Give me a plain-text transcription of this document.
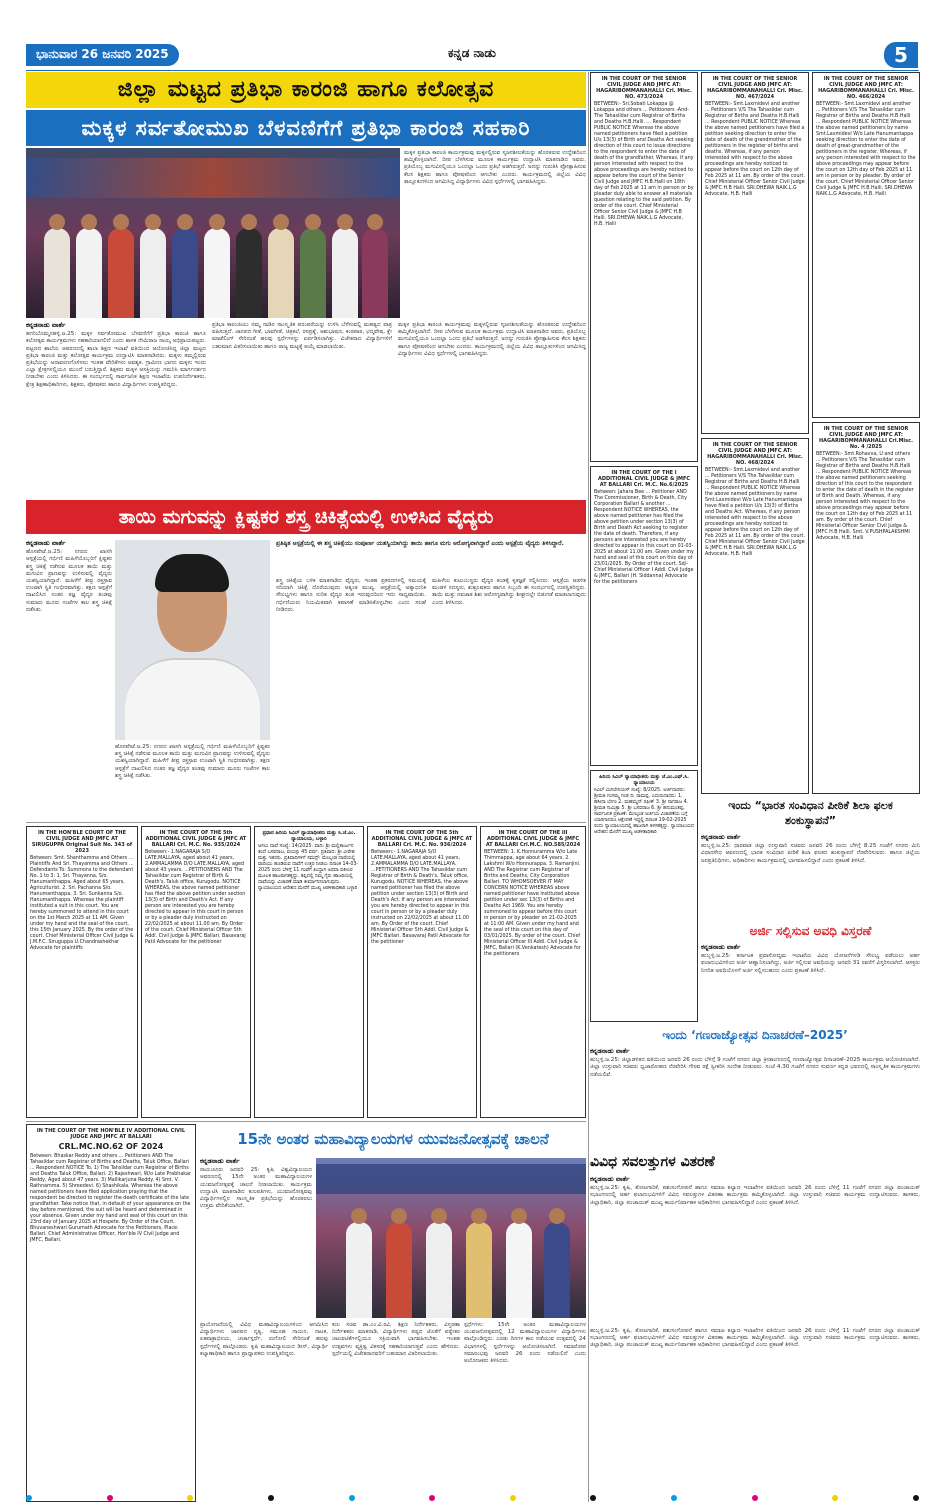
ಭಾನುವಾರ 26 ಜನವರಿ 2025	ಕನ್ನಡ ನಾಡು	5
ಜಿಲ್ಲಾ ಮಟ್ಟದ ಪ್ರತಿಭಾ ಕಾರಂಜಿ ಹಾಗೂ ಕಲೋತ್ಸವ
ಮಕ್ಕಳ ಸರ್ವತೋಮುಖ ಬೆಳವಣಿಗೆಗೆ ಪ್ರತಿಭಾ ಕಾರಂಜಿ ಸಹಕಾರಿ
ಮಕ್ಕಳ ಪ್ರತಿಭಾ ಕಾರಂಜಿ ಕಾರ್ಯಕ್ರಮವು ಮಕ್ಕಳಲ್ಲಿರುವ ಸೃಜನಶೀಲತೆಯನ್ನು ಹೊರತರುವ ಉದ್ದೇಶದಿಂದ ಹಮ್ಮಿಕೊಳ್ಳಲಾಗಿದೆ. ದೀಪ ಬೆಳಗಿಸುವ ಮೂಲಕ ಕಾರ್ಯಕ್ರಮ ಉದ್ಘಾಟಿಸಿ ಮಾತನಾಡಿದ ಅವರು, ಪ್ರತಿಯೊಬ್ಬ ಮಗುವಿನಲ್ಲಿಯೂ ಒಂದಲ್ಲಾ ಒಂದು ಪ್ರತಿಭೆ ಅಡಗಿರುತ್ತದೆ. ಅದನ್ನು ಗುರುತಿಸಿ ಪ್ರೋತ್ಸಾಹಿಸುವ ಕೆಲಸ ಶಿಕ್ಷಕರು ಹಾಗೂ ಪೋಷಕರಿಂದ ಆಗಬೇಕು ಎಂದರು. ಕಾರ್ಯಕ್ರಮದಲ್ಲಿ ಜಿಲ್ಲೆಯ ವಿವಿಧ ತಾಲ್ಲೂಕುಗಳಿಂದ ಆಗಮಿಸಿದ್ದ ವಿದ್ಯಾರ್ಥಿಗಳು ವಿವಿಧ ಸ್ಪರ್ಧೆಗಳಲ್ಲಿ ಭಾಗವಹಿಸಿದ್ದರು.
ಕನ್ನಡನಾಡು ವಾರ್ತೆ
ಹಗರಿಬೊಮ್ಮನಹಳ್ಳಿ.ಜ.25: ಮಕ್ಕಳ ಸರ್ವತೋಮುಖ ಬೆಳವಣಿಗೆಗೆ ಪ್ರತಿಭಾ ಕಾರಂಜಿ ಹಾಗೂ ಕಲೋತ್ಸವ ಕಾರ್ಯಕ್ರಮಗಳು ಸಹಕಾರಿಯಾಗಲಿದೆ ಎಂದು ಶಾಸಕ ನೇಮಿರಾಜ ನಾಯ್ಕ ಅಭಿಪ್ರಾಯಪಟ್ಟರು. ಪಟ್ಟಣದ ಶಾಲೆಯ ಆವರಣದಲ್ಲಿ ಶಾಲಾ ಶಿಕ್ಷಣ ಇಲಾಖೆ ವತಿಯಿಂದ ಆಯೋಜಿಸಿದ್ದ ಜಿಲ್ಲಾ ಮಟ್ಟದ ಪ್ರತಿಭಾ ಕಾರಂಜಿ ಮತ್ತು ಕಲೋತ್ಸವ ಕಾರ್ಯಕ್ರಮ ಉದ್ಘಾಟಿಸಿ ಮಾತನಾಡಿದರು. ಮಕ್ಕಳು ತಮ್ಮಲ್ಲಿರುವ ಪ್ರತಿಭೆಯನ್ನು ಅನಾವರಣಗೊಳಿಸಲು ಇಂತಹ ವೇದಿಕೆಗಳು ಅವಶ್ಯಕ. ಗ್ರಾಮೀಣ ಭಾಗದ ಮಕ್ಕಳು ಇಂದು ಎಲ್ಲಾ ಕ್ಷೇತ್ರಗಳಲ್ಲಿಯೂ ಮುಂದೆ ಬರುತ್ತಿದ್ದಾರೆ. ಶಿಕ್ಷಕರು ಮಕ್ಕಳ ಆಸಕ್ತಿಯನ್ನು ಗಮನಿಸಿ ಮಾರ್ಗದರ್ಶನ ನೀಡಬೇಕು ಎಂದು ತಿಳಿಸಿದರು. ಈ ಸಂದರ್ಭದಲ್ಲಿ ಸಾರ್ವಜನಿಕ ಶಿಕ್ಷಣ ಇಲಾಖೆಯ ಉಪನಿರ್ದೇಶಕರು, ಕ್ಷೇತ್ರ ಶಿಕ್ಷಣಾಧಿಕಾರಿಗಳು, ಶಿಕ್ಷಕರು, ಪೋಷಕರು ಹಾಗೂ ವಿದ್ಯಾರ್ಥಿಗಳು ಉಪಸ್ಥಿತರಿದ್ದರು.
ಪ್ರತಿಭಾ ಕಾರಂಜಿಯು ನಮ್ಮ ನಾಡಿನ ಸಾಂಸ್ಕೃತಿಕ ಪರಂಪರೆಯನ್ನು ಉಳಿಸಿ ಬೆಳೆಸುವಲ್ಲಿ ಮಹತ್ವದ ಪಾತ್ರ ವಹಿಸುತ್ತದೆ. ಜಾನಪದ ಗೀತೆ, ಭಾವಗೀತೆ, ಚಿತ್ರಕಲೆ, ರಸಪ್ರಶ್ನೆ, ಆಶುಭಾಷಣ, ಕಂಠಪಾಠ, ಛದ್ಮವೇಷ, ಕ್ಲೇ ಮಾಡೆಲಿಂಗ್ ಸೇರಿದಂತೆ ಹಲವು ಸ್ಪರ್ಧೆಗಳನ್ನು ಏರ್ಪಡಿಸಲಾಗಿತ್ತು. ವಿಜೇತರಾದ ವಿದ್ಯಾರ್ಥಿಗಳಿಗೆ ಬಹುಮಾನ ವಿತರಿಸಲಾಯಿತು ಹಾಗೂ ರಾಜ್ಯ ಮಟ್ಟಕ್ಕೆ ಆಯ್ಕೆ ಮಾಡಲಾಯಿತು.
ಮಕ್ಕಳ ಪ್ರತಿಭಾ ಕಾರಂಜಿ ಕಾರ್ಯಕ್ರಮವು ಮಕ್ಕಳಲ್ಲಿರುವ ಸೃಜನಶೀಲತೆಯನ್ನು ಹೊರತರುವ ಉದ್ದೇಶದಿಂದ ಹಮ್ಮಿಕೊಳ್ಳಲಾಗಿದೆ. ದೀಪ ಬೆಳಗಿಸುವ ಮೂಲಕ ಕಾರ್ಯಕ್ರಮ ಉದ್ಘಾಟಿಸಿ ಮಾತನಾಡಿದ ಅವರು, ಪ್ರತಿಯೊಬ್ಬ ಮಗುವಿನಲ್ಲಿಯೂ ಒಂದಲ್ಲಾ ಒಂದು ಪ್ರತಿಭೆ ಅಡಗಿರುತ್ತದೆ. ಅದನ್ನು ಗುರುತಿಸಿ ಪ್ರೋತ್ಸಾಹಿಸುವ ಕೆಲಸ ಶಿಕ್ಷಕರು ಹಾಗೂ ಪೋಷಕರಿಂದ ಆಗಬೇಕು ಎಂದರು. ಕಾರ್ಯಕ್ರಮದಲ್ಲಿ ಜಿಲ್ಲೆಯ ವಿವಿಧ ತಾಲ್ಲೂಕುಗಳಿಂದ ಆಗಮಿಸಿದ್ದ ವಿದ್ಯಾರ್ಥಿಗಳು ವಿವಿಧ ಸ್ಪರ್ಧೆಗಳಲ್ಲಿ ಭಾಗವಹಿಸಿದ್ದರು.
ತಾಯಿ ಮಗುವನ್ನು ಕ್ಲಿಷ್ಟಕರ ಶಸ್ತ್ರ ಚಿಕಿತ್ಸೆಯಲ್ಲಿ ಉಳಿಸಿದ ವೈದ್ಯರು
ಕನ್ನಡನಾಡು ವಾರ್ತೆ
ಹೊಸಪೇಟೆ.ಜ.25: ನಗರದ ಖಾಸಗಿ ಆಸ್ಪತ್ರೆಯಲ್ಲಿ ಗರ್ಭಿಣಿ ಮಹಿಳೆಯೊಬ್ಬರಿಗೆ ಕ್ಲಿಷ್ಟಕರ ಶಸ್ತ್ರ ಚಿಕಿತ್ಸೆ ನಡೆಸುವ ಮೂಲಕ ತಾಯಿ ಮತ್ತು ಮಗುವಿನ ಪ್ರಾಣವನ್ನು ಉಳಿಸುವಲ್ಲಿ ವೈದ್ಯರು ಯಶಸ್ವಿಯಾಗಿದ್ದಾರೆ. ಮಹಿಳೆಗೆ ತೀವ್ರ ರಕ್ತಸ್ರಾವ ಉಂಟಾಗಿ ಸ್ಥಿತಿ ಗಂಭೀರವಾಗಿತ್ತು. ತಕ್ಷಣ ಆಸ್ಪತ್ರೆಗೆ ದಾಖಲಿಸಿದ ನಂತರ ತಜ್ಞ ವೈದ್ಯರ ತಂಡವು ಸುಮಾರು ಮೂರು ಗಂಟೆಗಳ ಕಾಲ ಶಸ್ತ್ರ ಚಿಕಿತ್ಸೆ ನಡೆಸಿತು.
ಪ್ರತಿಷ್ಠಿತ ಆಸ್ಪತ್ರೆಯಲ್ಲಿ ಈ ಶಸ್ತ್ರ ಚಿಕಿತ್ಸೆಯು ಸಂಪೂರ್ಣ ಯಶಸ್ವಿಯಾಗಿದ್ದು ತಾಯಿ ಹಾಗೂ ಮಗು ಆರೋಗ್ಯವಾಗಿದ್ದಾರೆ ಎಂದು ಆಸ್ಪತ್ರೆಯ ವೈದ್ಯರು ತಿಳಿಸಿದ್ದಾರೆ.
ಶಸ್ತ್ರ ಚಿಕಿತ್ಸೆಯ ಬಳಿಕ ಮಾತನಾಡಿದ ವೈದ್ಯರು, ಇಂತಹ ಪ್ರಕರಣಗಳಲ್ಲಿ ಸಮಯಕ್ಕೆ ಸರಿಯಾಗಿ ಚಿಕಿತ್ಸೆ ದೊರೆಯುವುದು ಅತ್ಯಂತ ಮುಖ್ಯ. ಆಸ್ಪತ್ರೆಯಲ್ಲಿ ಅತ್ಯಾಧುನಿಕ ಸೌಲಭ್ಯಗಳು ಹಾಗೂ ನುರಿತ ವೈದ್ಯರ ತಂಡ ಇರುವುದರಿಂದ ಇದು ಸಾಧ್ಯವಾಯಿತು. ಗರ್ಭಿಣಿಯರು ನಿಯಮಿತವಾಗಿ ತಪಾಸಣೆ ಮಾಡಿಸಿಕೊಳ್ಳಬೇಕು ಎಂದು ಸಲಹೆ ನೀಡಿದರು.
ಮಹಿಳೆಯ ಕುಟುಂಬಸ್ಥರು ವೈದ್ಯರ ತಂಡಕ್ಕೆ ಕೃತಜ್ಞತೆ ಸಲ್ಲಿಸಿದರು. ಆಸ್ಪತ್ರೆಯ ಆಡಳಿತ ಮಂಡಳಿ ಸದಸ್ಯರು, ಶುಶ್ರೂಷಕರು ಹಾಗೂ ಸಿಬ್ಬಂದಿ ಈ ಸಂದರ್ಭದಲ್ಲಿ ಉಪಸ್ಥಿತರಿದ್ದರು. ತಾಯಿ ಮತ್ತು ನವಜಾತ ಶಿಶು ಆರೋಗ್ಯವಾಗಿದ್ದು ಶೀಘ್ರದಲ್ಲೇ ಬಿಡುಗಡೆ ಮಾಡಲಾಗುವುದು ಎಂದು ತಿಳಿಸಿದರು.
ಹೊಸಪೇಟೆ.ಜ.25: ನಗರದ ಖಾಸಗಿ ಆಸ್ಪತ್ರೆಯಲ್ಲಿ ಗರ್ಭಿಣಿ ಮಹಿಳೆಯೊಬ್ಬರಿಗೆ ಕ್ಲಿಷ್ಟಕರ ಶಸ್ತ್ರ ಚಿಕಿತ್ಸೆ ನಡೆಸುವ ಮೂಲಕ ತಾಯಿ ಮತ್ತು ಮಗುವಿನ ಪ್ರಾಣವನ್ನು ಉಳಿಸುವಲ್ಲಿ ವೈದ್ಯರು ಯಶಸ್ವಿಯಾಗಿದ್ದಾರೆ. ಮಹಿಳೆಗೆ ತೀವ್ರ ರಕ್ತಸ್ರಾವ ಉಂಟಾಗಿ ಸ್ಥಿತಿ ಗಂಭೀರವಾಗಿತ್ತು. ತಕ್ಷಣ ಆಸ್ಪತ್ರೆಗೆ ದಾಖಲಿಸಿದ ನಂತರ ತಜ್ಞ ವೈದ್ಯರ ತಂಡವು ಸುಮಾರು ಮೂರು ಗಂಟೆಗಳ ಕಾಲ ಶಸ್ತ್ರ ಚಿಕಿತ್ಸೆ ನಡೆಸಿತು.
IN THE COURT OF THE SENIOR CIVIL JUDGE AND JMFC AT: HAGARIBOMMANAHALLI Crl. Misc. NO. 473/2024
BETWEEN:- Sri.Sobati Lokappa @ Lokappa and others ... Petitioners -And- The Tahasildar cum Registrar of Births and Deaths H.B.Halli. ... Respondent PUBLIC NOTICE Whereas the above named petitioners have filed a petition U/s 13(3) of Birth and Deaths Act seeking direction of this court to issue directions to the respondent to enter the date of death of the grandfather. Whereas, if any person interested with respect to the above proceedings are hereby noticed to appear before the court of the Senior Civil Judge and JMFC H.B.Halli on 18th day of Feb 2025 at 11 am in person or by pleader duly able to answer all materials question relating to the said petition. By order of the court. Chief Ministerial Officer Senior Civil Judge & JMFC H.B Halli. SRI.DHEWA NAIK.L.G Advocate, H.B. Halli
IN THE COURT OF THE SENIOR CIVIL JUDGE AND JMFC AT: HAGARIBOMMANAHALLI Crl. Misc. NO. 467/2024
BETWEEN:- Smt.Laxmidevi and another ... Petitioners V/S The Tahasildar cum Registrar of Births and Deaths H.B.Halli ... Respondent PUBLIC NOTICE Whereas the above named petitioners have filed a petition seeking direction to enter the date of death of the grandmother of the petitioners in the register of births and deaths. Whereas, if any person interested with respect to the above proceedings are hereby noticed to appear before the court on 12th day of Feb 2025 at 11 am. By order of the court. Chief Ministerial Officer Senior Civil Judge & JMFC H.B Halli. SRI.DHEWA NAIK.L.G Advocate, H.B. Halli
IN THE COURT OF THE SENIOR CIVIL JUDGE AND JMFC AT: HAGARIBOMMANAHALLI Crl. Misc. NO. 466/2024
BETWEEN:- Smt.Laxmidevi and another ... Petitioners V/S The Tahasildar cum Registrar of Births and Deaths H.B.Halli ... Respondent PUBLIC NOTICE Whereas the above named petitioners by name Smt.Laxmidevi W/o Late Hanumantappa seeking direction to enter the date of death of great-grandmother of the petitioners in the register. Whereas, if any person interested with respect to the above proceedings may appear before the court on 12th day of Feb 2025 at 11 am in person or by pleader. By order of the court. Chief Ministerial Officer Senior Civil Judge & JMFC H.B Halli. SRI.DHEWA NAIK.L.G Advocate, H.B. Halli
IN THE COURT OF THE I ADDITIONAL CIVIL JUDGE & JMFC AT BALLARI Crl. M.C. No.6/2025
Between: Jahara Bee ... Petitioner AND The Commissioner, Birth & Death, City Corporation Ballari & another ... Respondent NOTICE WHEREAS, the above named petitioner has filed the above petition under section 13(3) of Birth and Death Act seeking to register the date of death. Therefore, if any persons are interested you are hereby directed to appear in this court on 01-03-2025 at about 11.00 am. Given under my hand and seal of this court on this day of 23/01/2025. By Order of the court. Sd/-Chief Ministerial Officer I Addl. Civil Judge & JMFC, Ballari (H. Siddanna) Advocate for the petitioners
IN THE COURT OF THE SENIOR CIVIL JUDGE AND JMFC AT: HAGARIBOMMANAHALLI Crl. Misc. NO. 468/2024
BETWEEN:- Smt.Laxmidevi and another ... Petitioners V/S The Tahasildar cum Registrar of Births and Deaths H.B.Halli ... Respondent PUBLIC NOTICE Whereas the above named petitioners by name Smt.Laxmidevi W/o Late Hanumantappa have filed a petition U/s 13(3) of Births and Deaths Act. Whereas, if any person interested with respect to the above proceedings are hereby noticed to appear before the court on 12th day of Feb 2025 at 11 am. By order of the court. Chief Ministerial Officer Senior Civil Judge & JMFC H.B Halli. SRI.DHEWA NAIK.L.G Advocate, H.B. Halli
IN THE COURT OF THE SENIOR CIVIL JUDGE AND JMFC AT: HAGARIBOMMANAHALLI Crl.Misc. No. 4 /2025
BETWEEN:- Smt.Rohavva, U and others ... Petitioners V/S The Tahasildar cum Registrar of Births and Deaths H.B.Halli ... Respondent PUBLIC NOTICE Whereas the above named petitioners seeking direction of this court to the respondent to enter the date of death in the register of Birth and Death. Whereas, if any person interested with respect to the above proceedings may appear before the court on 12th day of Feb 2025 at 11 am. By order of the court. Chief Ministerial Officer Senior Civil Judge & JMFC H.B Halli. Smt. V.PUSHPALAKSHMI Advocate, H.B. Halli
IN THE HON'BLE COURT OF THE CIVIL JUDGE AND JMFC AT SIRUGUPPA Original Suit No. 343 of 2023
Between: Smt. Shanthamma and Others ... Plaintiffs And Sri. Thayamma and Others ... Defendants To: Summons to the defendant No. 1 to 3: 1. Sri. Thayanna, S/o. Hanumanthappa, Aged about 65 years, Agriculturist. 2. Sri. Pachanna S/o. Hanumanthappa. 3. Sri. Sunkanna S/o. Hanumanthappa. Whereas the plaintiff instituted a suit in this court. You are hereby summoned to attend in this court on the 1st March 2025 at 11 AM. Given under my hand and the seal of the court, this 15th January 2025. By the order of the court. Chief Ministerial Officer Civil Judge & J.M.F.C. Siruguppa U.Chandrashekhar Advocate for plaintiffs
IN THE COURT OF THE 5th ADDITIONAL CIVIL JUDGE & JMFC AT BALLARI Crl. M.C. No. 935/2024
Between:- 1.NAGARAJA S/O LATE.MALLAYA, aged about 41 years, 2.AMMALAMMA D/O LATE.MALLAYA, aged about 43 years. ...PETITIONERS AND The Tahasildar cum Registrar of Birth & Death's, Taluk office, Kurugodu. NOTICE WHEREAS, the above named petitioner has filed the above petition under section 13(3) of Birth and Death's Act. If any person are interested you are hereby directed to appear in this court in person or by a pleader duly instructed on 22/02/2025 at about 11.00 am. By Order of the court. Chief Ministerial Officer 5th Addl. Civil Judge & JMFC Ballari. Basavaraj Patil Advocate for the petitioner
ಪ್ರಧಾನ ಹಿರಿಯ ಸಿವಿಲ್ ನ್ಯಾಯಾಧೀಶರು ಮತ್ತು ಸಿ.ಜೆ.ಎಂ. ನ್ಯಾಯಾಲಯ, ಬಳ್ಳಾರಿ
ಅಸಲು ದಾವೆ ಸಂಖ್ಯೆ: 14/2025. ವಾದಿ: ಶ್ರೀ ಮಲ್ಲಿಕಾರ್ಜುನ ತಂದೆ ಬಸವರಾಜ, ವಯಸ್ಸು 45 ವರ್ಷ. ಪ್ರತಿವಾದಿ: ಶ್ರೀ ವೀರೇಶ ಮತ್ತು ಇತರರು. ಪ್ರತಿವಾದಿಗಳಿಗೆ ಸಮನ್ಸ್: ಮೇಲ್ಕಂಡ ದಾವೆಯಲ್ಲಿ ವಾದಿಯು ಹೂಡಿರುವ ದಾವೆಗೆ ಉತ್ತರ ನೀಡಲು ದಿನಾಂಕ 14-03-2025 ರಂದು ಬೆಳಿಗ್ಗೆ 11 ಗಂಟೆಗೆ ಖುದ್ದಾಗಿ ಅಥವಾ ವಕೀಲರ ಮೂಲಕ ಹಾಜರಾಗತಕ್ಕದ್ದು. ತಪ್ಪಿದಲ್ಲಿ ನಿಮ್ಮ ಗೈರು ಹಾಜರಿಯಲ್ಲಿ ದಾವೆಯನ್ನು ವಿಚಾರಣೆ ಮಾಡಿ ತೀರ್ಮಾನಿಸಲಾಗುವುದು. ನ್ಯಾಯಾಲಯದ ಆದೇಶದ ಮೇರೆಗೆ ಮುಖ್ಯ ಆಡಳಿತಾಧಿಕಾರಿ ಬಳ್ಳಾರಿ
IN THE COURT OF THE 5th ADDITIONAL CIVIL JUDGE & JMFC AT BALLARI Crl. M.C. No. 936/2024
Between:- 1.NAGARAJA S/O LATE.MALLAYA, aged about 41 years, 2.AMMALAMMA D/O LATE.MALLAYA. ...PETITIONERS AND The Tahasildar cum Registrar of Birth & Death's, Taluk office, Kurugodu. NOTICE WHEREAS, the above named petitioner has filed the above petition under section 13(3) of Birth and Death's Act. If any person are interested you are hereby directed to appear in this court in person or by a pleader duly instructed on 22/02/2025 at about 11.00 am. By Order of the court. Chief Ministerial Officer 5th Addl. Civil Judge & JMFC Ballari. Basavaraj Patil Advocate for the petitioner
IN THE COURT OF THE III ADDITIONAL CIVIL JUDGE & JMFC AT BALLARI Crl.M.C. NO.585/2024
BETWEEN: 1. K.Honnuramma W/o Late Thimmappa, age about 64 years. 2. Lakshmi W/o Honnurappa. 3. Ramanjini. AND The Registrar cum Registrar of Births and Deaths, City Corporation Ballari. TO WHOMSOEVER IT MAY CONCERN NOTICE WHEREAS above named petitioner have instituted above petition under sec 13(3) of Births and Deaths Act 1969. You are hereby summoned to appear before this court in person or by pleader on 21-02-2025 at 11:00 AM. Given under my hand and the seal of this court on this day of 03/01/2025. By order of the court. Chief Ministerial Officer III Addl. Civil Judge & JMFC, Ballari (K.Venkatesh) Advocate for the petitioners
ಹಿರಿಯ ಸಿವಿಲ್ ನ್ಯಾಯಾಧೀಶರು ಮತ್ತು ಜೆ.ಎಂ.ಎಫ್.ಸಿ. ನ್ಯಾಯಾಲಯ
ಸಿವಿಲ್ ಮಿಸಲೇನಿಯಸ್ ಸಂಖ್ಯೆ: 8/2025. ಅರ್ಜಿದಾರರು: ಶ್ರೀಮತಿ ಗಂಗಮ್ಮ ಗಂಡ ದಿ. ರಾಮಪ್ಪ. ಎದುರುದಾರರು: 1. ಹಸೀನಾ ಬೇಗಂ 2. ಮಹಮ್ಮದ್ ರಫೀಕ್ 3. ಶ್ರೀ ನಾಗರಾಜ 4. ಶ್ರೀಮತಿ ಸುಮಿತ್ರಾ 5. ಶ್ರೀ ಬಸವರಾಜ 6. ಶ್ರೀ ಹನುಮಂತಪ್ಪ. ಸಾರ್ವಜನಿಕ ಪ್ರಕಟಣೆ: ಮೇಲ್ಕಂಡ ಅರ್ಜಿಯ ವಿಚಾರಣೆಯ ಬಗ್ಗೆ ಯಾರಿಗಾದರೂ ಆಕ್ಷೇಪಣೆ ಇದ್ದಲ್ಲಿ ದಿನಾಂಕ 19-02-2025 ರಂದು ನ್ಯಾಯಾಲಯದಲ್ಲಿ ಹಾಜರಾಗಿ ತಿಳಿಸತಕ್ಕದ್ದು. ನ್ಯಾಯಾಲಯದ ಆದೇಶದ ಮೇರೆಗೆ ಮುಖ್ಯ ಆಡಳಿತಾಧಿಕಾರಿ
ಇಂದು “ಭಾರತ ಸಂವಿಧಾನ ಪೀಠಿಕೆ ಶಿಲಾ ಫಲಕ ಶಂಕುಸ್ಥಾಪನೆ”
ಕನ್ನಡನಾಡು ವಾರ್ತೆ
ಹುಬ್ಬಳ್ಳಿ.ಜ.25: ಧಾರವಾಡ ಜಿಲ್ಲಾ ಉಸ್ತುವಾರಿ ಸಚಿವರು ಜನವರಿ 26 ರಂದು ಬೆಳಿಗ್ಗೆ 8.25 ಗಂಟೆಗೆ ನಗರದ ಮಿನಿ ವಿಧಾನಸೌಧ ಆವರಣದಲ್ಲಿ ಭಾರತ ಸಂವಿಧಾನ ಪೀಠಿಕೆ ಶಿಲಾ ಫಲಕದ ಶಂಕುಸ್ಥಾಪನೆ ನೆರವೇರಿಸುವರು. ಹಾಗೂ ಜಿಲ್ಲೆಯ ಜನಪ್ರತಿನಿಧಿಗಳು, ಅಧಿಕಾರಿಗಳು ಕಾರ್ಯಕ್ರಮದಲ್ಲಿ ಭಾಗವಹಿಸಲಿದ್ದಾರೆ ಎಂದು ಪ್ರಕಟಣೆ ತಿಳಿಸಿದೆ.
ಅರ್ಜಿ ಸಲ್ಲಿಸುವ ಅವಧಿ ವಿಸ್ತರಣೆ
ಕನ್ನಡನಾಡು ವಾರ್ತೆ
ಹುಬ್ಬಳ್ಳಿ.ಜ.25: ಕರ್ನಾಟಕ ಪ್ರವಾಸೋದ್ಯಮ ಇಲಾಖೆಯ ವಿವಿಧ ಯೋಜನೆಗಳಡಿ ಸೌಲಭ್ಯ ಪಡೆಯಲು ಅರ್ಹ ಫಲಾನುಭವಿಗಳಿಂದ ಅರ್ಜಿ ಆಹ್ವಾನಿಸಲಾಗಿದ್ದು, ಅರ್ಜಿ ಸಲ್ಲಿಸುವ ಅವಧಿಯನ್ನು ಜನವರಿ 31 ರವರೆಗೆ ವಿಸ್ತರಿಸಲಾಗಿದೆ. ಆಸಕ್ತರು ನಿಗದಿತ ಅವಧಿಯೊಳಗೆ ಅರ್ಜಿ ಸಲ್ಲಿಸಬಹುದು ಎಂದು ಪ್ರಕಟಣೆ ತಿಳಿಸಿದೆ.
ಇಂದು ‘ಗಣರಾಜ್ಯೋತ್ಸವ ದಿನಾಚರಣೆ–2025’
ಕನ್ನಡನಾಡು ವಾರ್ತೆ
ಹುಬ್ಬಳ್ಳಿ.ಜ.25: ಜಿಲ್ಲಾಡಳಿತದ ವತಿಯಿಂದ ಜನವರಿ 26 ರಂದು ಬೆಳಿಗ್ಗೆ 9 ಗಂಟೆಗೆ ನಗರದ ಜಿಲ್ಲಾ ಕ್ರೀಡಾಂಗಣದಲ್ಲಿ ಗಣರಾಜ್ಯೋತ್ಸವ ದಿನಾಚರಣೆ–2025 ಕಾರ್ಯಕ್ರಮ ಆಯೋಜಿಸಲಾಗಿದೆ. ಜಿಲ್ಲಾ ಉಸ್ತುವಾರಿ ಸಚಿವರು ಧ್ವಜಾರೋಹಣ ನೆರವೇರಿಸಿ ಗೌರವ ರಕ್ಷೆ ಸ್ವೀಕರಿಸಿ ಸಂದೇಶ ನೀಡುವರು. ಸಂಜೆ 4.30 ಗಂಟೆಗೆ ನಗರದ ಸುವರ್ಣ ಕನ್ನಡ ಭವನದಲ್ಲಿ ಸಾಂಸ್ಕೃತಿಕ ಕಾರ್ಯಕ್ರಮಗಳು ನಡೆಯಲಿವೆ.
ವಿವಿಧ ಸವಲತ್ತುಗಳ ವಿತರಣೆ
ಕನ್ನಡನಾಡು ವಾರ್ತೆ
ಹುಬ್ಬಳ್ಳಿ.ಜ.25: ಕೃಷಿ, ತೋಟಗಾರಿಕೆ, ಪಶುಸಂಗೋಪನೆ ಹಾಗೂ ಸಮಾಜ ಕಲ್ಯಾಣ ಇಲಾಖೆಗಳ ವತಿಯಿಂದ ಜನವರಿ 26 ರಂದು ಬೆಳಿಗ್ಗೆ 11 ಗಂಟೆಗೆ ನಗರದ ಜಿಲ್ಲಾ ಪಂಚಾಯತ್ ಸಭಾಂಗಣದಲ್ಲಿ ಅರ್ಹ ಫಲಾನುಭವಿಗಳಿಗೆ ವಿವಿಧ ಸವಲತ್ತುಗಳ ವಿತರಣಾ ಕಾರ್ಯಕ್ರಮ ಹಮ್ಮಿಕೊಳ್ಳಲಾಗಿದೆ. ಜಿಲ್ಲಾ ಉಸ್ತುವಾರಿ ಸಚಿವರು ಕಾರ್ಯಕ್ರಮ ಉದ್ಘಾಟಿಸುವರು. ಶಾಸಕರು, ಜಿಲ್ಲಾಧಿಕಾರಿ, ಜಿಲ್ಲಾ ಪಂಚಾಯತ್ ಮುಖ್ಯ ಕಾರ್ಯನಿರ್ವಾಹಕ ಅಧಿಕಾರಿಗಳು ಭಾಗವಹಿಸಲಿದ್ದಾರೆ ಎಂದು ಪ್ರಕಟಣೆ ತಿಳಿಸಿದೆ.
IN THE COURT OF THE HON'BLE IV ADDITIONAL CIVIL JUDGE AND JMFC AT BALLARI
CRL.MC.NO.62 OF 2024
Between: Bhaskar Reddy and others ... Petitioners AND The Tahasildar cum Registrar of Births and Deaths, Taluk Office, Ballari ... Respondent NOTICE To, 1) The Tahsildar cum Registrar of Births and Deaths Taluk Office, Ballari. 2) Rajeshwari, W/o Late Prabhakar Reddy, Aged about 47 years. 3) Mallikarjuna Reddy. 4) Smt. V. Rathnamma. 5) Shreedevi. 6) Shashikala. Whereas the above named petitioners have filed application praying that the respondent be directed to register the death certificate of the late grandfather. Take notice that, in default of your appearance on the day before mentioned, the suit will be heard and determined in your absence. Given under my hand and seal of this court on this 23rd day of January 2025 at Hospete. By Order of the Court. Bhuvaneshwari Gurumath Advocate for the Petitioners, Place: Ballari. Chief Administrative Officer, Hon'ble IV Civil Judge and JMFC, Ballari.
15ನೇ ಅಂತರ ಮಹಾವಿದ್ಯಾಲಯಗಳ ಯುವಜನೋತ್ಸವಕ್ಕೆ ಚಾಲನೆ
ಕನ್ನಡನಾಡು ವಾರ್ತೆ
ರಾಯಚೂರು ಜನವರಿ 25: ಕೃಷಿ ವಿಶ್ವವಿದ್ಯಾಲಯದ ಆವರಣದಲ್ಲಿ 15ನೇ ಅಂತರ ಮಹಾವಿದ್ಯಾಲಯಗಳ ಯುವಜನೋತ್ಸವಕ್ಕೆ ಚಾಲನೆ ನೀಡಲಾಯಿತು. ಕಾರ್ಯಕ್ರಮ ಉದ್ಘಾಟಿಸಿ ಮಾತನಾಡಿದ ಕುಲಪತಿಗಳು, ಯುವಜನೋತ್ಸವವು ವಿದ್ಯಾರ್ಥಿಗಳಲ್ಲಿನ ಸಾಂಸ್ಕೃತಿಕ ಪ್ರತಿಭೆಯನ್ನು ಹೊರತರಲು ಉತ್ತಮ ವೇದಿಕೆಯಾಗಿದೆ.
ಪ್ರಾಯೋಜನೆಯಲ್ಲಿ ವಿವಿಧ ಮಹಾವಿದ್ಯಾಲಯಗಳಿಂದ ಆಗಮಿಸಿದ ವಿದ್ಯಾರ್ಥಿಗಳು ಜಾನಪದ ನೃತ್ಯ, ಸಮೂಹ ಗಾಯನ, ನಾಟಕ, ಏಕಪಾತ್ರಾಭಿನಯ, ಚರ್ಚಾಸ್ಪರ್ಧೆ, ರಂಗೋಲಿ ಸೇರಿದಂತೆ ಹಲವು ಸ್ಪರ್ಧೆಗಳಲ್ಲಿ ಪಾಲ್ಗೊಂಡರು. ಕೃಷಿ ಮಹಾವಿದ್ಯಾಲಯದ ಡೀನ್, ವಿದ್ಯಾರ್ಥಿ ಕಲ್ಯಾಣಾಧಿಕಾರಿ ಹಾಗೂ ಪ್ರಾಧ್ಯಾಪಕರು ಉಪಸ್ಥಿತರಿದ್ದರು.
ಕುಲ ಸಚಿವ ಡಾ.ಎಂ.ವಿ.ರವಿ, ಶಿಕ್ಷಣ ನಿರ್ದೇಶಕರು, ವಿಸ್ತರಣಾ ನಿರ್ದೇಶಕರು ಮಾತನಾಡಿ, ವಿದ್ಯಾರ್ಥಿಗಳು ಪಠ್ಯದ ಜೊತೆಗೆ ಪಠ್ಯೇತರ ಚಟುವಟಿಕೆಗಳಲ್ಲಿಯೂ ಸಕ್ರಿಯವಾಗಿ ಭಾಗವಹಿಸಬೇಕು. ಇಂತಹ ಉತ್ಸವಗಳು ವ್ಯಕ್ತಿತ್ವ ವಿಕಸನಕ್ಕೆ ಸಹಕಾರಿಯಾಗುತ್ತವೆ ಎಂದು ಹೇಳಿದರು. ಸ್ಪರ್ಧೆಯಲ್ಲಿ ವಿಜೇತರಾದವರಿಗೆ ಬಹುಮಾನ ವಿತರಿಸಲಾಯಿತು.
ಸ್ಪರ್ಧೆಗಳು: 15ನೇ ಅಂತರ ಮಹಾವಿದ್ಯಾಲಯಗಳ ಯುವಜನೋತ್ಸವದಲ್ಲಿ 12 ಮಹಾವಿದ್ಯಾಲಯಗಳ ವಿದ್ಯಾರ್ಥಿಗಳು ಪಾಲ್ಗೊಂಡಿದ್ದರು. ಎರಡು ದಿನಗಳ ಕಾಲ ನಡೆಯುವ ಉತ್ಸವದಲ್ಲಿ 24 ವಿಭಾಗಗಳಲ್ಲಿ ಸ್ಪರ್ಧೆಗಳನ್ನು ಆಯೋಜಿಸಲಾಗಿದೆ. ಸಮಾರೋಪ ಸಮಾರಂಭವು ಜನವರಿ 26 ರಂದು ನಡೆಯಲಿದೆ ಎಂದು ಆಯೋಜಕರು ತಿಳಿಸಿದರು.
ಹುಬ್ಬಳ್ಳಿ.ಜ.25: ಕೃಷಿ, ತೋಟಗಾರಿಕೆ, ಪಶುಸಂಗೋಪನೆ ಹಾಗೂ ಸಮಾಜ ಕಲ್ಯಾಣ ಇಲಾಖೆಗಳ ವತಿಯಿಂದ ಜನವರಿ 26 ರಂದು ಬೆಳಿಗ್ಗೆ 11 ಗಂಟೆಗೆ ನಗರದ ಜಿಲ್ಲಾ ಪಂಚಾಯತ್ ಸಭಾಂಗಣದಲ್ಲಿ ಅರ್ಹ ಫಲಾನುಭವಿಗಳಿಗೆ ವಿವಿಧ ಸವಲತ್ತುಗಳ ವಿತರಣಾ ಕಾರ್ಯಕ್ರಮ ಹಮ್ಮಿಕೊಳ್ಳಲಾಗಿದೆ. ಜಿಲ್ಲಾ ಉಸ್ತುವಾರಿ ಸಚಿವರು ಕಾರ್ಯಕ್ರಮ ಉದ್ಘಾಟಿಸುವರು. ಶಾಸಕರು, ಜಿಲ್ಲಾಧಿಕಾರಿ, ಜಿಲ್ಲಾ ಪಂಚಾಯತ್ ಮುಖ್ಯ ಕಾರ್ಯನಿರ್ವಾಹಕ ಅಧಿಕಾರಿಗಳು ಭಾಗವಹಿಸಲಿದ್ದಾರೆ ಎಂದು ಪ್ರಕಟಣೆ ತಿಳಿಸಿದೆ.
